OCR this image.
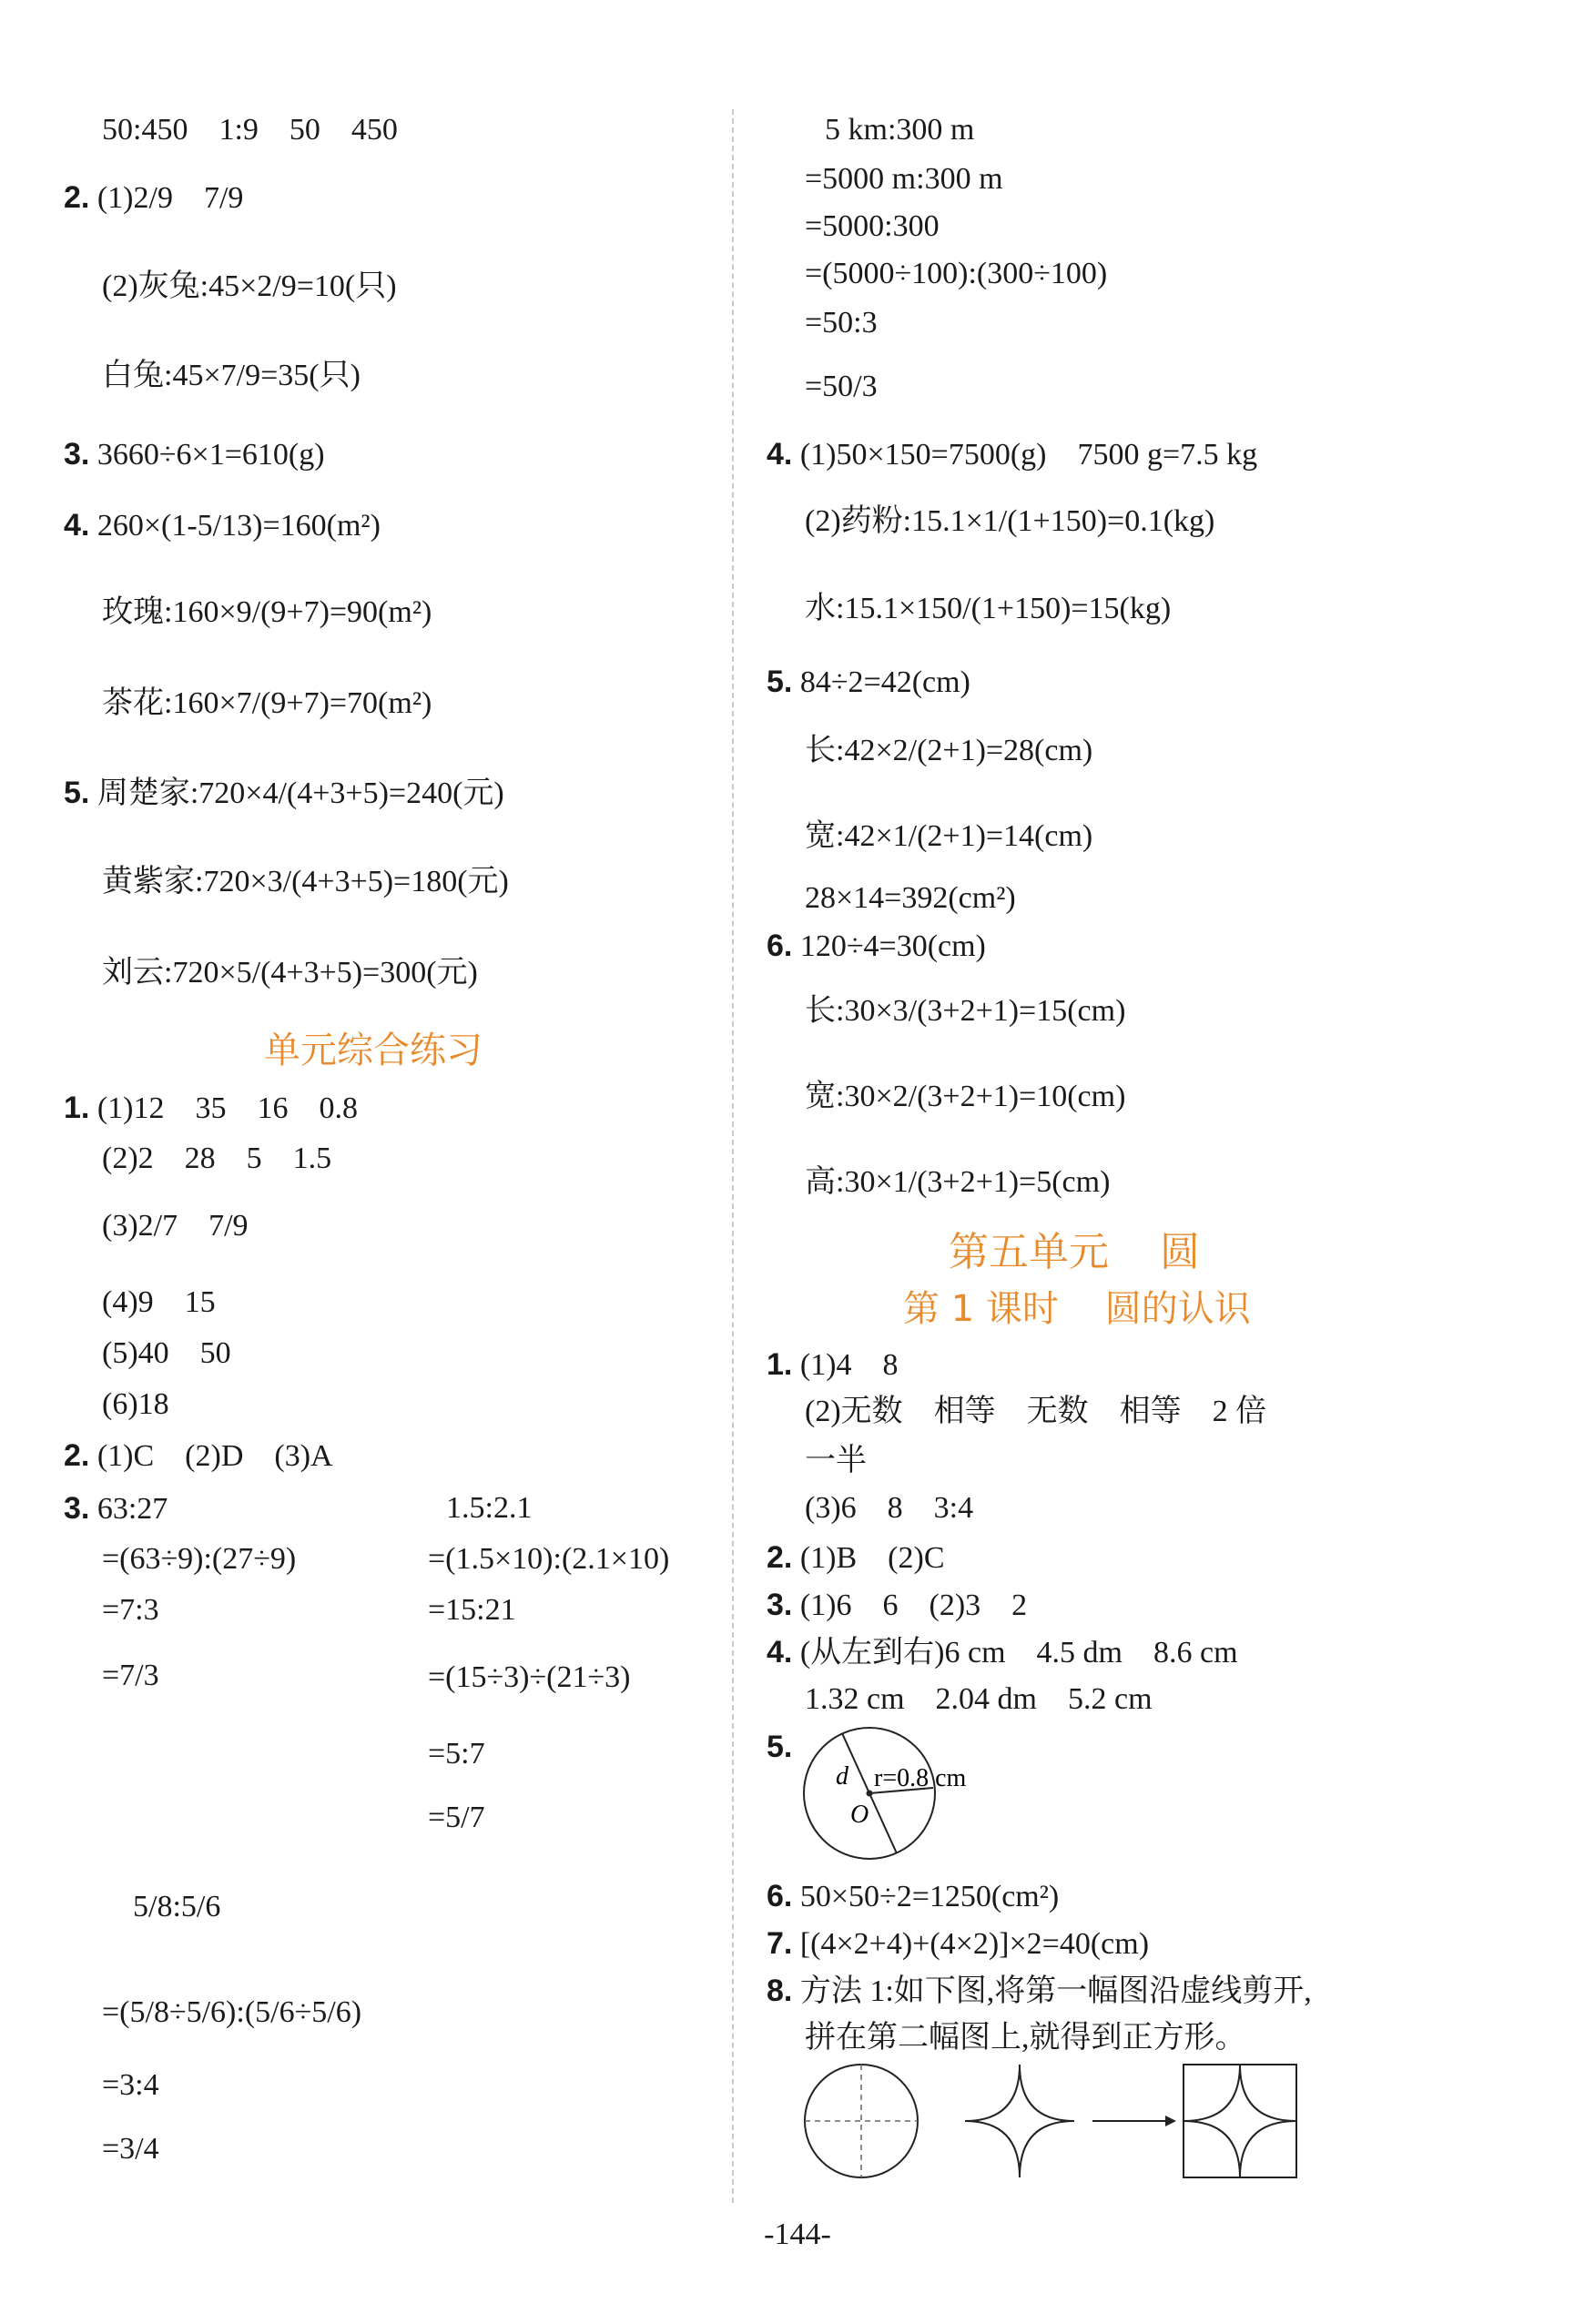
50:450    1:9    50    450
2. (1)2/9    7/9
(2)灰兔:45×2/9=10(只)
白兔:45×7/9=35(只)
3. 3660÷6×1=610(g)
4. 260×(1-5/13)=160(m²)
玫瑰:160×9/(9+7)=90(m²)
茶花:160×7/(9+7)=70(m²)
5. 周楚家:720×4/(4+3+5)=240(元)
黄紫家:720×3/(4+3+5)=180(元)
刘云:720×5/(4+3+5)=300(元)
1. (1)12    35    16    0.8
(2)2    28    5    1.5
(3)2/7    7/9
(4)9    15
(5)40    50
(6)18
2. (1)C    (2)D    (3)A
3. 63:27
=(63÷9):(27÷9)
=7:3
=7/3
1.5:2.1
=(1.5×10):(2.1×10)
=15:21
=(15÷3)÷(21÷3)
=5:7
=5/7
5/8:5/6
=(5/8÷5/6):(5/6÷5/6)
=3:4
=3/4
单元综合练习
5 km:300 m
=5000 m:300 m
=5000:300
=(5000÷100):(300÷100)
=50:3
=50/3
4. (1)50×150=7500(g)    7500 g=7.5 kg
(2)药粉:15.1×1/(1+150)=0.1(kg)
水:15.1×150/(1+150)=15(kg)
5. 84÷2=42(cm)
长:42×2/(2+1)=28(cm)
宽:42×1/(2+1)=14(cm)
28×14=392(cm²)
6. 120÷4=30(cm)
长:30×3/(3+2+1)=15(cm)
宽:30×2/(3+2+1)=10(cm)
高:30×1/(3+2+1)=5(cm)
1. (1)4    8
(2)无数    相等    无数    相等    2 倍
一半
(3)6    8    3:4
2. (1)B    (2)C
3. (1)6    6    (2)3    2
4. (从左到右)6 cm    4.5 dm    8.6 cm
1.32 cm    2.04 dm    5.2 cm
5.
6. 50×50÷2=1250(cm²)
7. [(4×2+4)+(4×2)]×2=40(cm)
8. 方法 1:如下图,将第一幅图沿虚线剪开,
拼在第二幅图上,就得到正方形。
第五单元    圆
第 1 课时    圆的认识
d r=0.8 cm
O
-144-
